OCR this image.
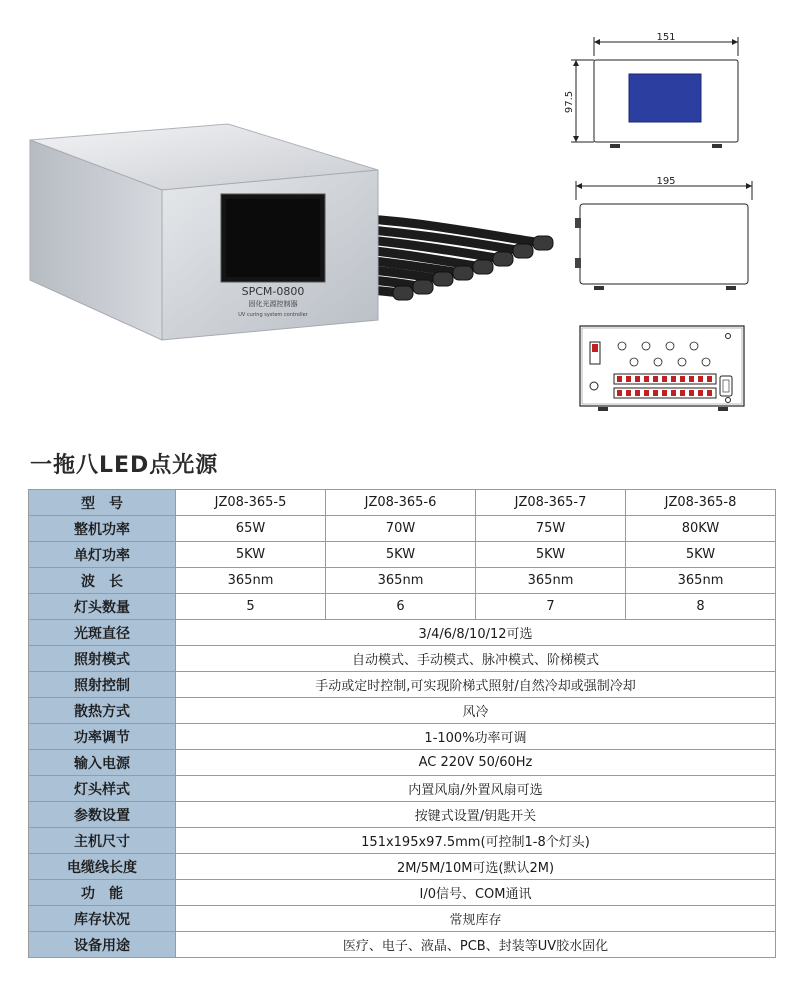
SPCM-0800
固化光源控制器
UV curing system controller
151
97.5
195
一拖八LED点光源
型　号	JZ08-365-5	JZ08-365-6	JZ08-365-7	JZ08-365-8
整机功率	65W	70W	75W	80KW
单灯功率	5KW	5KW	5KW	5KW
波　长	365nm	365nm	365nm	365nm
灯头数量	5	6	7	8
光斑直径	3/4/6/8/10/12可选			
照射模式	自动模式、手动模式、脉冲模式、阶梯模式			
照射控制	手动或定时控制,可实现阶梯式照射/自然冷却或强制冷却			
散热方式	风冷			
功率调节	1-100%功率可调			
输入电源	AC 220V 50/60Hz			
灯头样式	内置风扇/外置风扇可选			
参数设置	按键式设置/钥匙开关			
主机尺寸	151x195x97.5mm(可控制1-8个灯头)			
电缆线长度	2M/5M/10M可选(默认2M)			
功　能	I/0信号、COM通讯			
库存状况	常规库存			
设备用途	医疗、电子、液晶、PCB、封装等UV胶水固化			
